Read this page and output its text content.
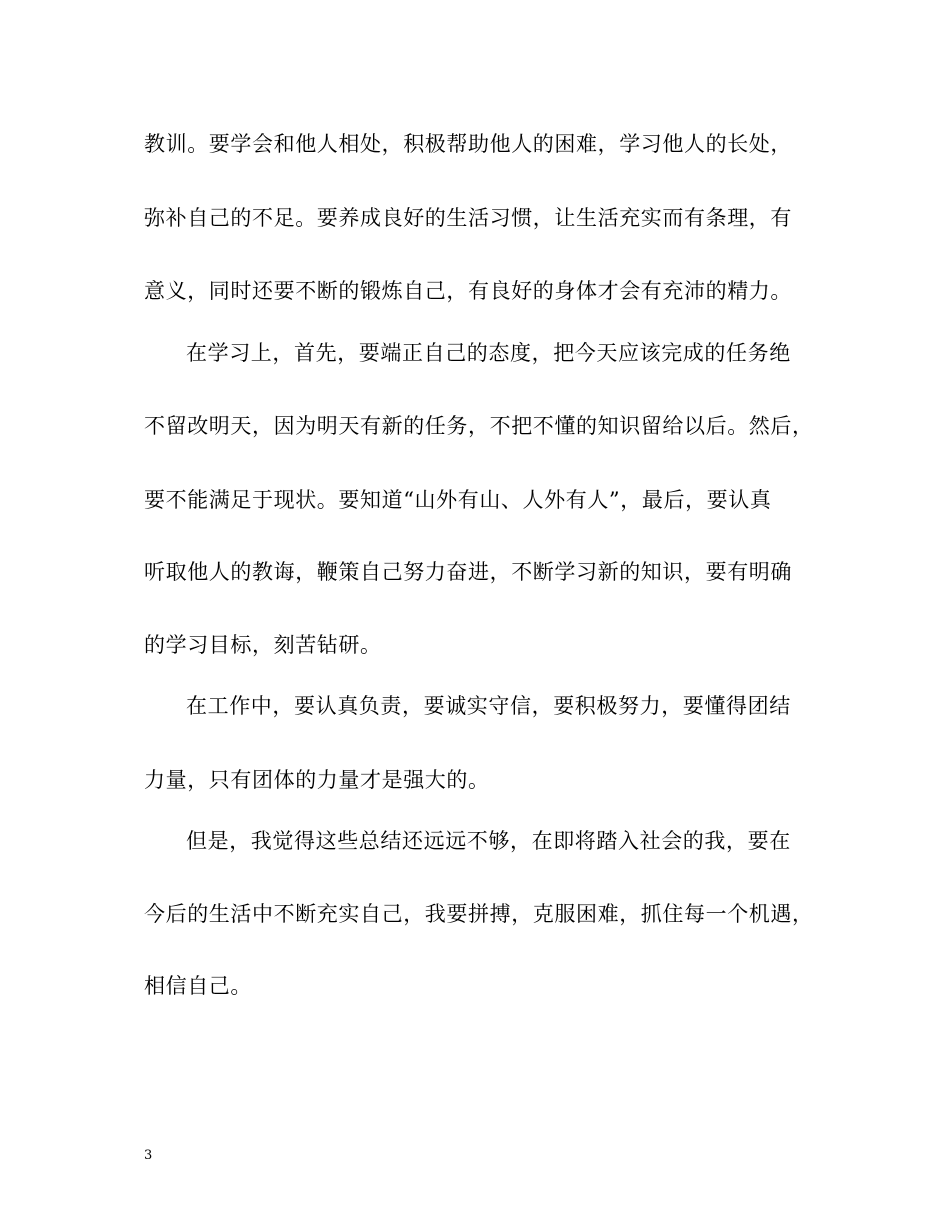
教训。要学会和他人相处，积极帮助他人的困难，学习他人的长处，
弥补自己的不足。要养成良好的生活习惯，让生活充实而有条理，有
意义，同时还要不断的锻炼自己，有良好的身体才会有充沛的精力。
在学习上，首先，要端正自己的态度，把今天应该完成的任务绝
不留改明天，因为明天有新的任务，不把不懂的知识留给以后。然后，
要不能满足于现状。要知道“山外有山、人外有人”，最后，要认真
听取他人的教诲，鞭策自己努力奋进，不断学习新的知识，要有明确
的学习目标，刻苦钻研。
在工作中，要认真负责，要诚实守信，要积极努力，要懂得团结
力量，只有团体的力量才是强大的。
但是，我觉得这些总结还远远不够，在即将踏入社会的我，要在
今后的生活中不断充实自己，我要拼搏，克服困难，抓住每一个机遇，
相信自己。
3
